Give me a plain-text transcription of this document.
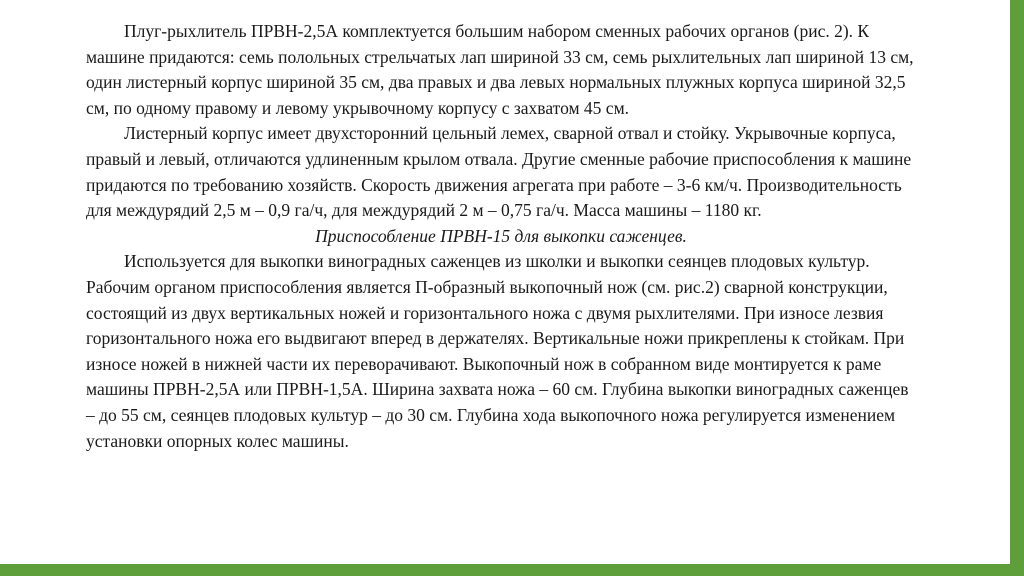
Плуг-рыхлитель ПРВН-2,5А комплектуется большим набором сменных рабочих органов (рис. 2). К машине придаются: семь полольных стрельчатых лап шириной 33 см, семь рыхлительных лап шириной 13 см, один листерный корпус шириной 35 см, два правых и два левых нормальных плужных корпуса шириной 32,5 см, по одному правому и левому укрывочному корпусу с захватом 45 см.

Листерный корпус имеет двухсторонний цельный лемех, сварной отвал и стойку. Укрывочные корпуса, правый и левый, отличаются удлиненным крылом отвала. Другие сменные рабочие приспособления к машине придаются по требованию хозяйств. Скорость движения агрегата при работе – 3-6 км/ч. Производительность для междурядий 2,5 м – 0,9 га/ч, для междурядий 2 м – 0,75 га/ч. Масса машины – 1180 кг.

Приспособление ПРВН-15 для выкопки саженцев.

Используется для выкопки виноградных саженцев из школки и выкопки сеянцев плодовых культур. Рабочим органом приспособления является П-образный выкопочный нож (см. рис.2) сварной конструкции, состоящий из двух вертикальных ножей и горизонтального ножа с двумя рыхлителями. При износе лезвия горизонтального ножа его выдвигают вперед в держателях. Вертикальные ножи прикреплены к стойкам. При износе ножей в нижней части их переворачивают. Выкопочный нож в собранном виде монтируется к раме машины ПРВН-2,5А или ПРВН-1,5А. Ширина захвата ножа – 60 см. Глубина выкопки виноградных саженцев – до 55 см, сеянцев плодовых культур – до 30 см. Глубина хода выкопочного ножа регулируется изменением установки опорных колес машины.
